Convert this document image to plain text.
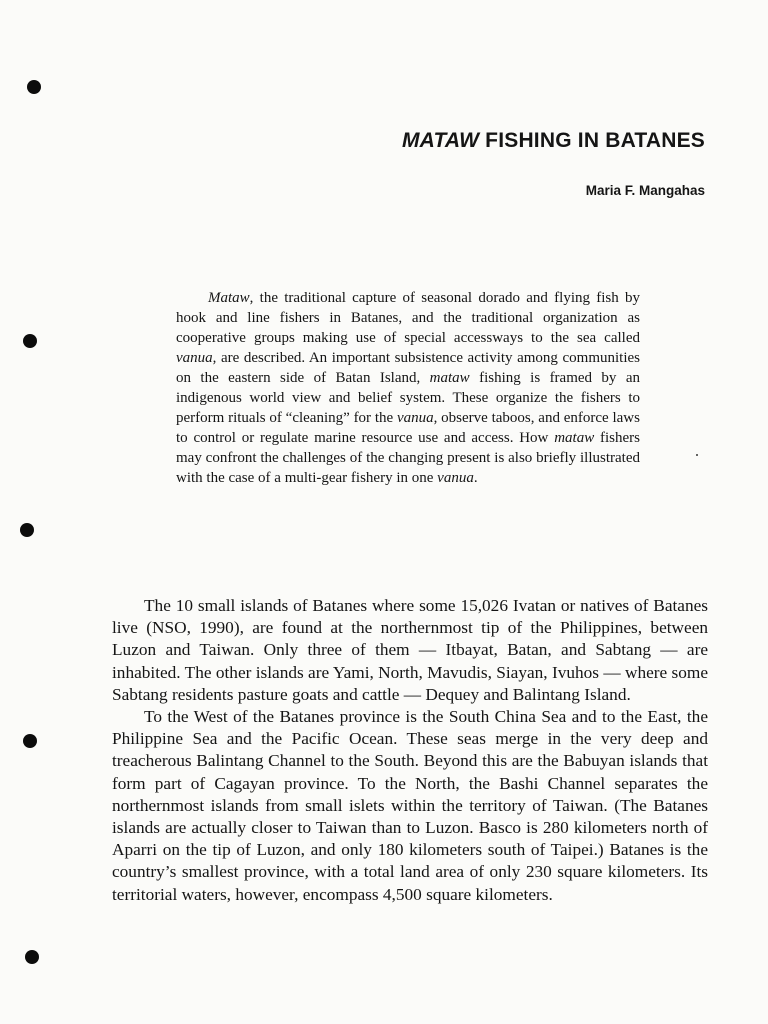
MATAW FISHING IN BATANES
Maria F. Mangahas

Mataw, the traditional capture of seasonal dorado and flying fish by hook and line fishers in Batanes, and the traditional organization as cooperative groups making use of special accessways to the sea called vanua, are described. An important subsistence activity among communities on the eastern side of Batan Island, mataw fishing is framed by an indigenous world view and belief system. These organize the fishers to perform rituals of “cleaning” for the vanua, observe taboos, and enforce laws to control or regulate marine resource use and access. How mataw fishers may confront the challenges of the changing present is also briefly illustrated with the case of a multi-gear fishery in one vanua.

The 10 small islands of Batanes where some 15,026 Ivatan or natives of Batanes live (NSO, 1990), are found at the northernmost tip of the Philippines, between Luzon and Taiwan. Only three of them — Itbayat, Batan, and Sabtang — are inhabited. The other islands are Yami, North, Mavudis, Siayan, Ivuhos — where some Sabtang residents pasture goats and cattle — Dequey and Balintang Island.

To the West of the Batanes province is the South China Sea and to the East, the Philippine Sea and the Pacific Ocean. These seas merge in the very deep and treacherous Balintang Channel to the South. Beyond this are the Babuyan islands that form part of Cagayan province. To the North, the Bashi Channel separates the northernmost islands from small islets within the territory of Taiwan. (The Batanes islands are actually closer to Taiwan than to Luzon. Basco is 280 kilometers north of Aparri on the tip of Luzon, and only 180 kilometers south of Taipei.) Batanes is the country’s smallest province, with a total land area of only 230 square kilometers. Its territorial waters, however, encompass 4,500 square kilometers.
